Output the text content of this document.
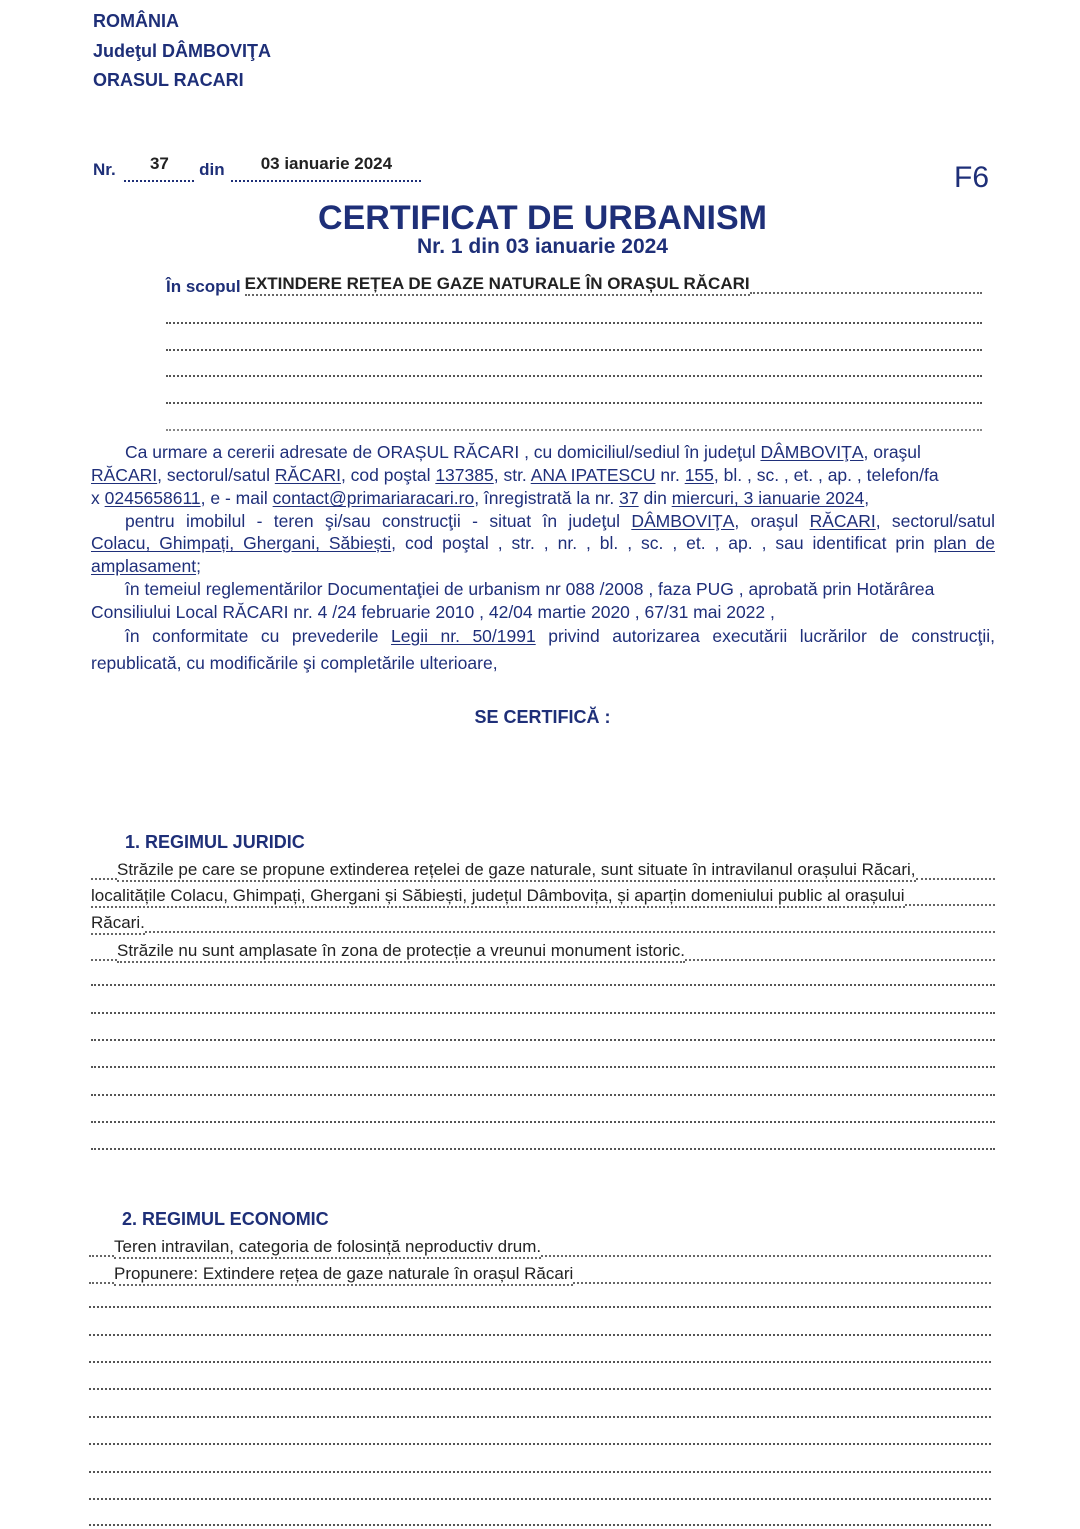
ROMÂNIA
Judeţul DÂMBOVIŢA
ORASUL RACARI
Nr. 37 din 03 ianuarie 2024	F6
CERTIFICAT DE URBANISM
Nr. 1 din 03 ianuarie 2024
În scopul EXTINDERE REȚEA DE GAZE NATURALE ÎN ORAȘUL RĂCARI
Ca urmare a cererii adresate de ORAȘUL RĂCARI , cu domiciliul/sediul în judeţul DÂMBOVIŢA, oraşul
RĂCARI, sectorul/satul RĂCARI, cod poştal 137385, str. ANA IPATESCU nr. 155, bl. , sc. , et. , ap. , telefon/fa
x 0245658611, e - mail contact@primariaracari.ro, înregistrată la nr. 37 din miercuri, 3 ianuarie 2024,
pentru imobilul - teren şi/sau construcţii - situat în judeţul DÂMBOVIŢA, oraşul RĂCARI, sectorul/satul
Colacu, Ghimpați, Ghergani, Săbiești, cod poştal , str. , nr. , bl. , sc. , et. , ap. , sau identificat prin plan de
amplasament;
în temeiul reglementărilor Documentaţiei de urbanism nr 088 /2008 , faza PUG , aprobată prin Hotărârea
Consiliului Local RĂCARI nr. 4 /24 februarie 2010 , 42/04 martie 2020 , 67/31 mai 2022 ,
în conformitate cu prevederile Legii nr. 50/1991 privind autorizarea executării lucrărilor de construcţii,
republicată, cu modificările şi completările ulterioare,
SE CERTIFICĂ :
1. REGIMUL JURIDIC
Străzile pe care se propune extinderea rețelei de gaze naturale, sunt situate în intravilanul orașului Răcari,
localitățile Colacu, Ghimpați, Ghergani și Săbiești, județul Dâmbovița, și aparțin domeniului public al orașului
Răcari.
Străzile nu sunt amplasate în zona de protecție a vreunui monument istoric.
2. REGIMUL ECONOMIC
Teren intravilan, categoria de folosință neproductiv drum.
Propunere: Extindere rețea de gaze naturale în orașul Răcari
